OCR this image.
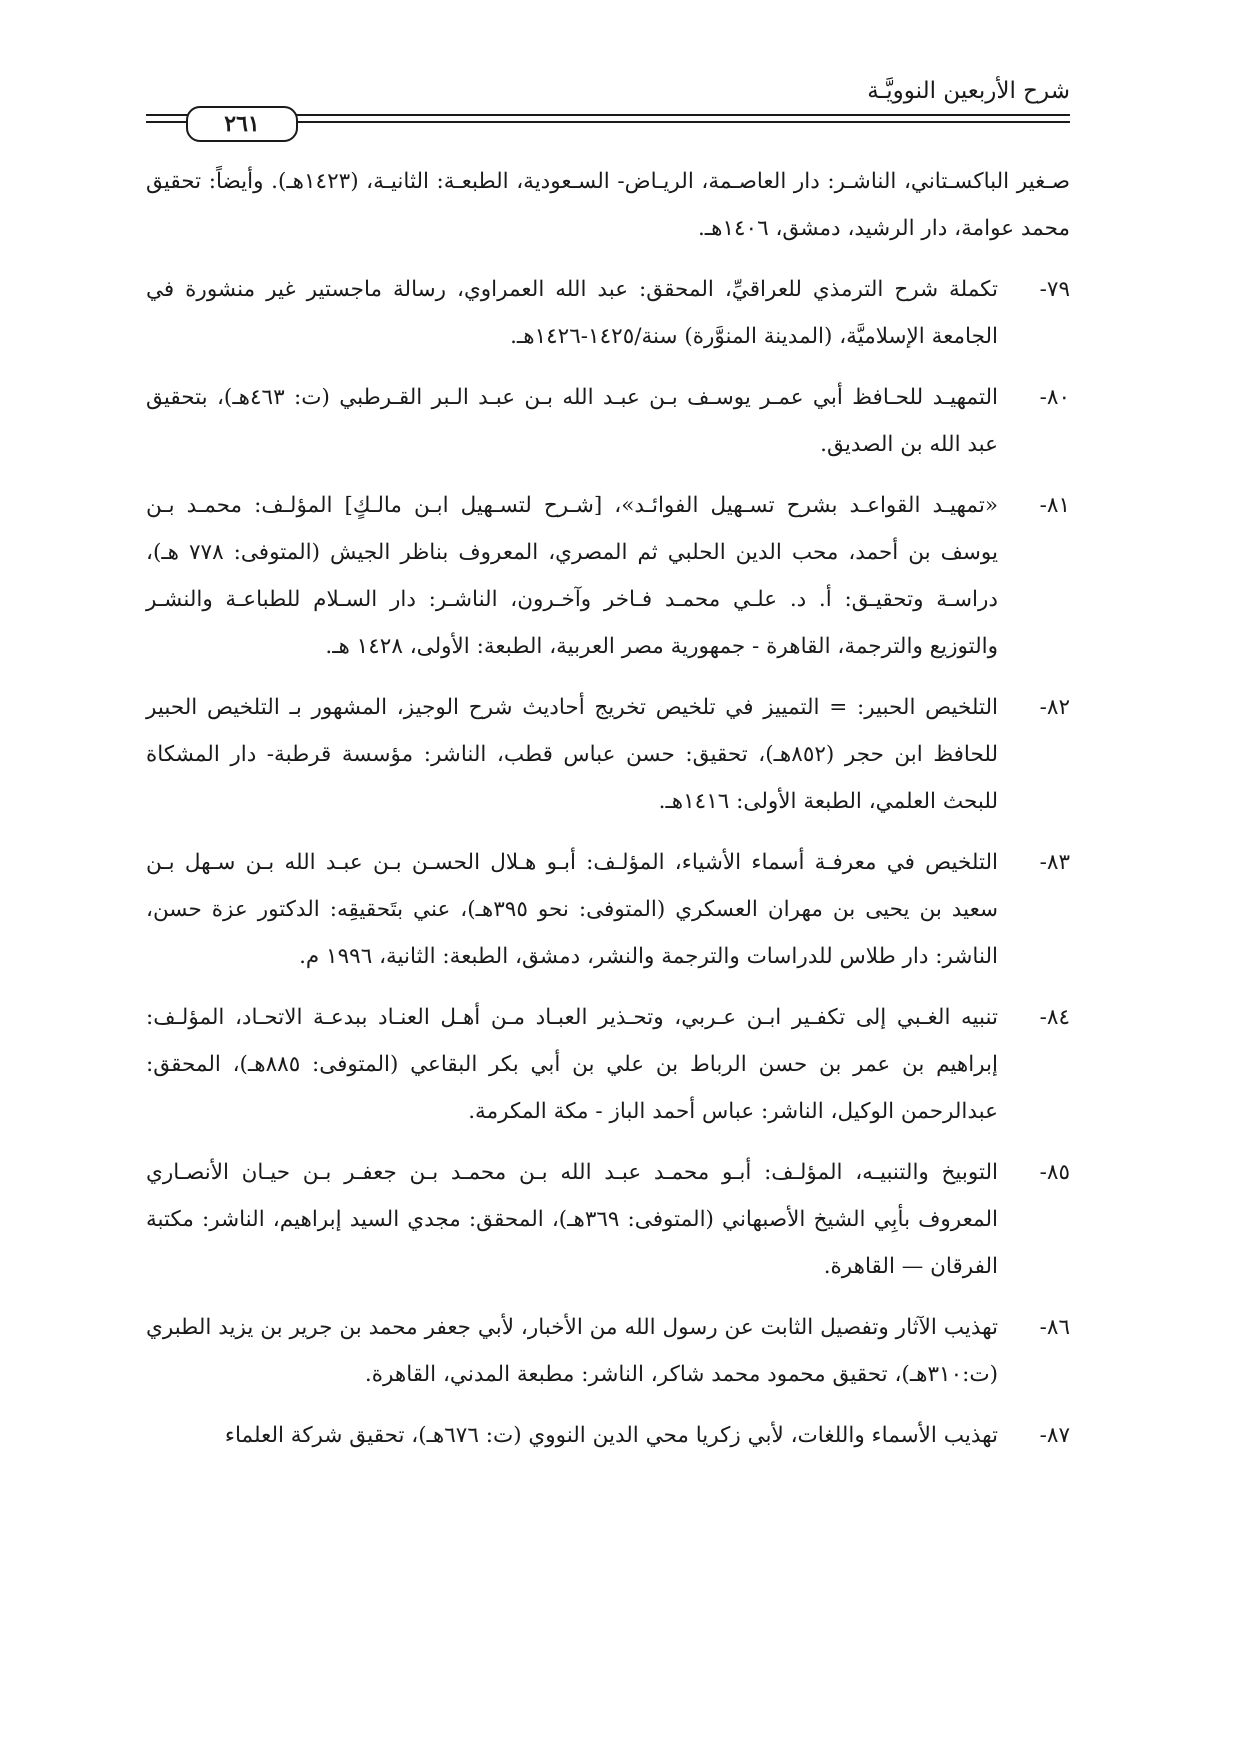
شرح الأربعين النوويَّـة
٢٦١
صـغير الباكسـتاني، الناشـر: دار العاصـمة، الريـاض- السـعودية، الطبعـة: الثانيـة، (١٤٢٣هـ). وأيضاً: تحقيق محمد عوامة، دار الرشيد، دمشق، ١٤٠٦هـ.
٧٩-
تكملة شرح الترمذي للعراقيِّ، المحقق: عبد الله العمراوي، رسالة ماجستير غير منشورة في الجامعة الإسلاميَّة، (المدينة المنوَّرة) سنة/١٤٢٥-١٤٢٦هـ.
٨٠-
التمهيـد للحـافظ أبي عمـر يوسـف بـن عبـد الله بـن عبـد الـبر القـرطبي (ت: ٤٦٣هـ)، بتحقيق عبد الله بن الصديق.
٨١-
«تمهيـد القواعـد بشرح تسـهيل الفوائـد»، [شـرح لتسـهيل ابـن مالـكٍ] المؤلـف: محمـد بـن يوسف بن أحمد، محب الدين الحلبي ثم المصري، المعروف بناظر الجيش (المتوفى: ٧٧٨ هـ)، دراسـة وتحقيـق: أ. د. علـي محمـد فـاخر وآخـرون، الناشـر: دار السـلام للطباعـة والنشـر والتوزيع والترجمة، القاهرة - جمهورية مصر العربية، الطبعة: الأولى، ١٤٢٨ هـ.
٨٢-
التلخيص الحبير: = التمييز في تلخيص تخريج أحاديث شرح الوجيز، المشهور بـ التلخيص الحبير للحافظ ابن حجر (٨٥٢هـ)، تحقيق: حسن عباس قطب، الناشر: مؤسسة قرطبة- دار المشكاة للبحث العلمي، الطبعة الأولى: ١٤١٦هـ.
٨٣-
التلخيص في معرفـة أسماء الأشياء، المؤلـف: أبـو هـلال الحسـن بـن عبـد الله بـن سـهل بـن سعيد بن يحيى بن مهران العسكري (المتوفى: نحو ٣٩٥هـ)، عني بتَحقيقِه: الدكتور عزة حسن، الناشر: دار طلاس للدراسات والترجمة والنشر، دمشق، الطبعة: الثانية، ١٩٩٦ م.
٨٤-
تنبيه الغـبي إلى تكفـير ابـن عـربي، وتحـذير العبـاد مـن أهـل العنـاد ببدعـة الاتحـاد، المؤلـف: إبراهيم بن عمر بن حسن الرباط بن علي بن أبي بكر البقاعي (المتوفى: ٨٨٥هـ)، المحقق: عبدالرحمن الوكيل، الناشر: عباس أحمد الباز - مكة المكرمة.
٨٥-
التوبيخ والتنبيـه، المؤلـف: أبـو محمـد عبـد الله بـن محمـد بـن جعفـر بـن حيـان الأنصـاري المعروف بأبِي الشيخ الأصبهاني (المتوفى: ٣٦٩هـ)، المحقق: مجدي السيد إبراهيم، الناشر: مكتبة الفرقان — القاهرة.
٨٦-
تهذيب الآثار وتفصيل الثابت عن رسول الله من الأخبار، لأبي جعفر محمد بن جرير بن يزيد الطبري (ت:٣١٠هـ)، تحقيق محمود محمد شاكر، الناشر: مطبعة المدني، القاهرة.
٨٧-
تهذيب الأسماء واللغات، لأبي زكريا محي الدين النووي (ت: ٦٧٦هـ)، تحقيق شركة العلماء
